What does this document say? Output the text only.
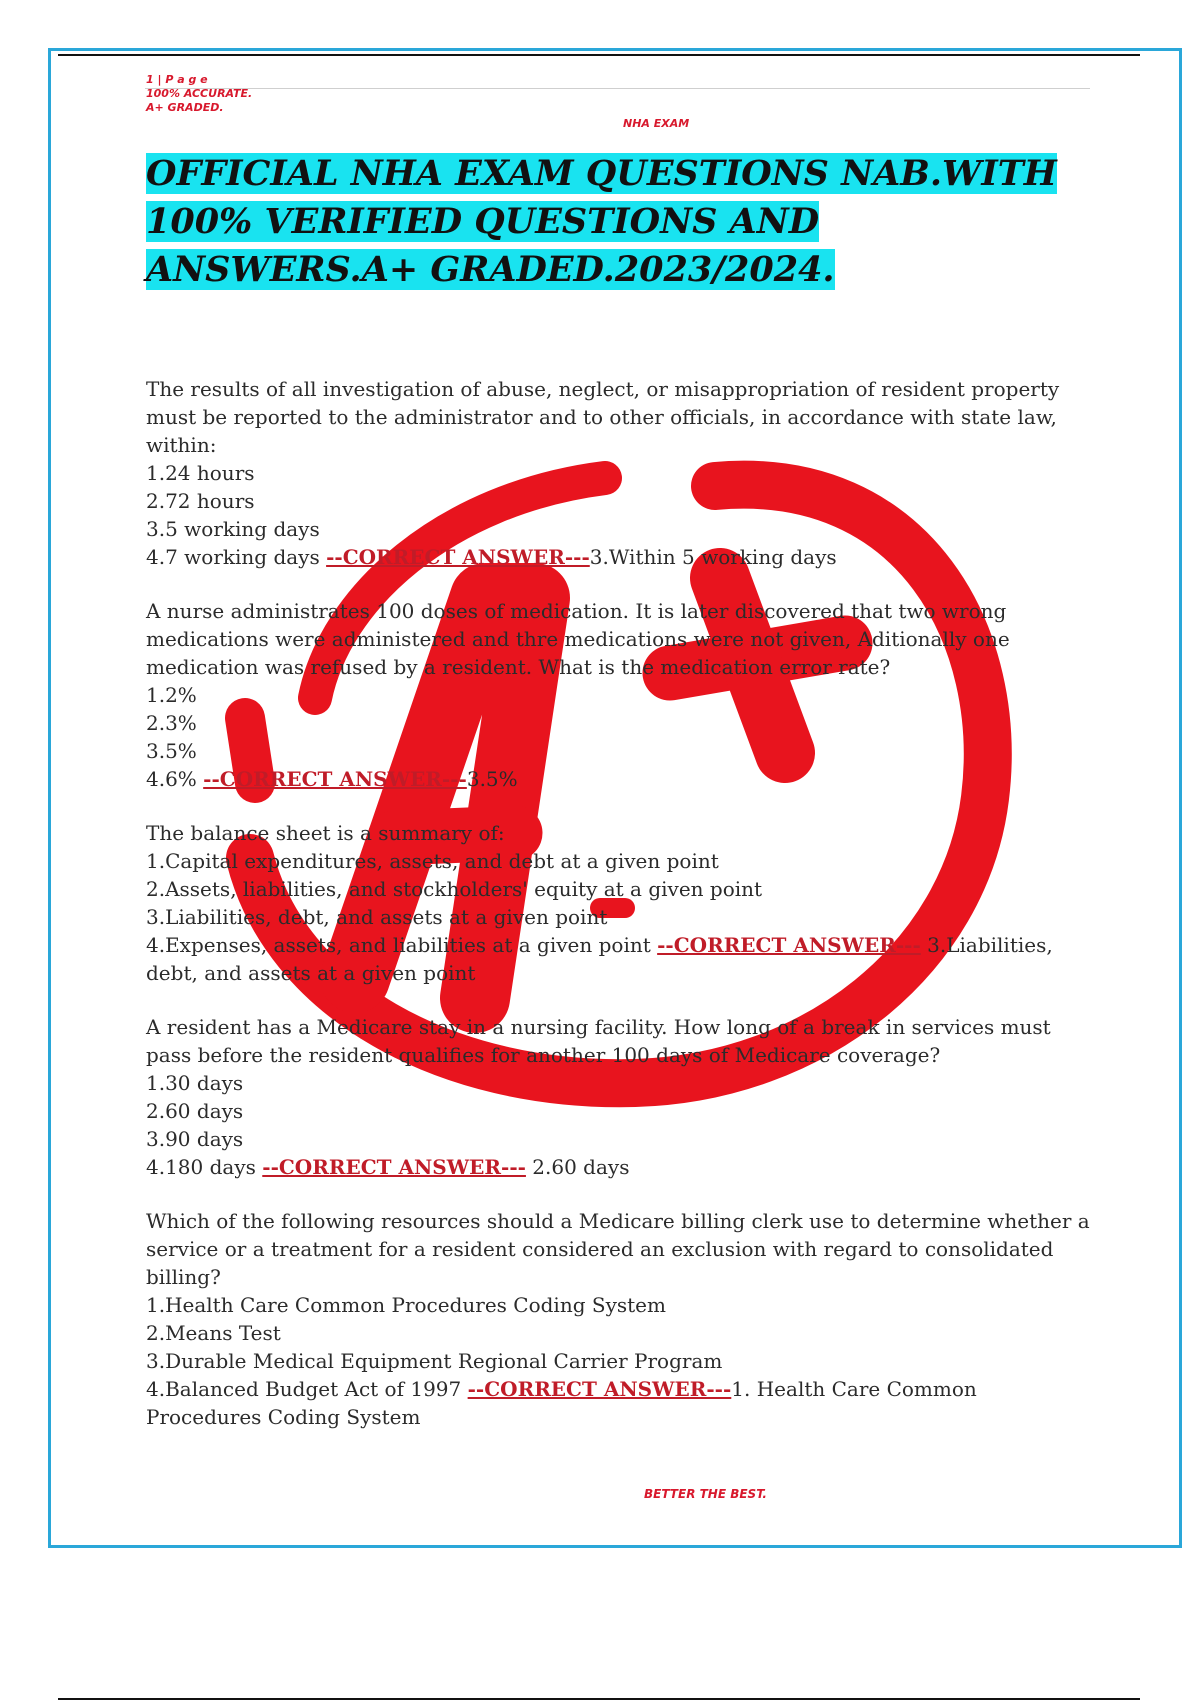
1 | P a g e
100% ACCURATE.
A+ GRADED.
NHA EXAM
OFFICIAL NHA EXAM QUESTIONS NAB.WITH 100% VERIFIED QUESTIONS AND ANSWERS.A+ GRADED.2023/2024.

The results of all investigation of abuse, neglect, or misappropriation of resident property must be reported to the administrator and to other officials, in accordance with state law, within:

1.24 hours

2.72 hours

3.5 working days

4.7 working days --CORRECT ANSWER---3.Within 5 working days

A nurse administrates 100 doses of medication. It is later discovered that two wrong medications were administered and thre medications were not given, Aditionally one medication was refused by a resident. What is the medication error rate?

1.2%

2.3%

3.5%

4.6% --CORRECT ANSWER---3.5%

The balance sheet is a summary of:

1.Capital expenditures, assets, and debt at a given point

2.Assets, liabilities, and stockholders' equity at a given point

3.Liabilities, debt, and assets at a given point

4.Expenses, assets, and liabilities at a given point --CORRECT ANSWER--- 3.Liabilities, debt, and assets at a given point

A resident has a Medicare stay in a nursing facility. How long of a break in services must pass before the resident qualifies for another 100 days of Medicare coverage?

1.30 days

2.60 days

3.90 days

4.180 days --CORRECT ANSWER--- 2.60 days

Which of the following resources should a Medicare billing clerk use to determine whether a service or a treatment for a resident considered an exclusion with regard to consolidated billing?

1.Health Care Common Procedures Coding System

2.Means Test

3.Durable Medical Equipment Regional Carrier Program

4.Balanced Budget Act of 1997 --CORRECT ANSWER---1. Health Care Common Procedures Coding System

BETTER THE BEST.
